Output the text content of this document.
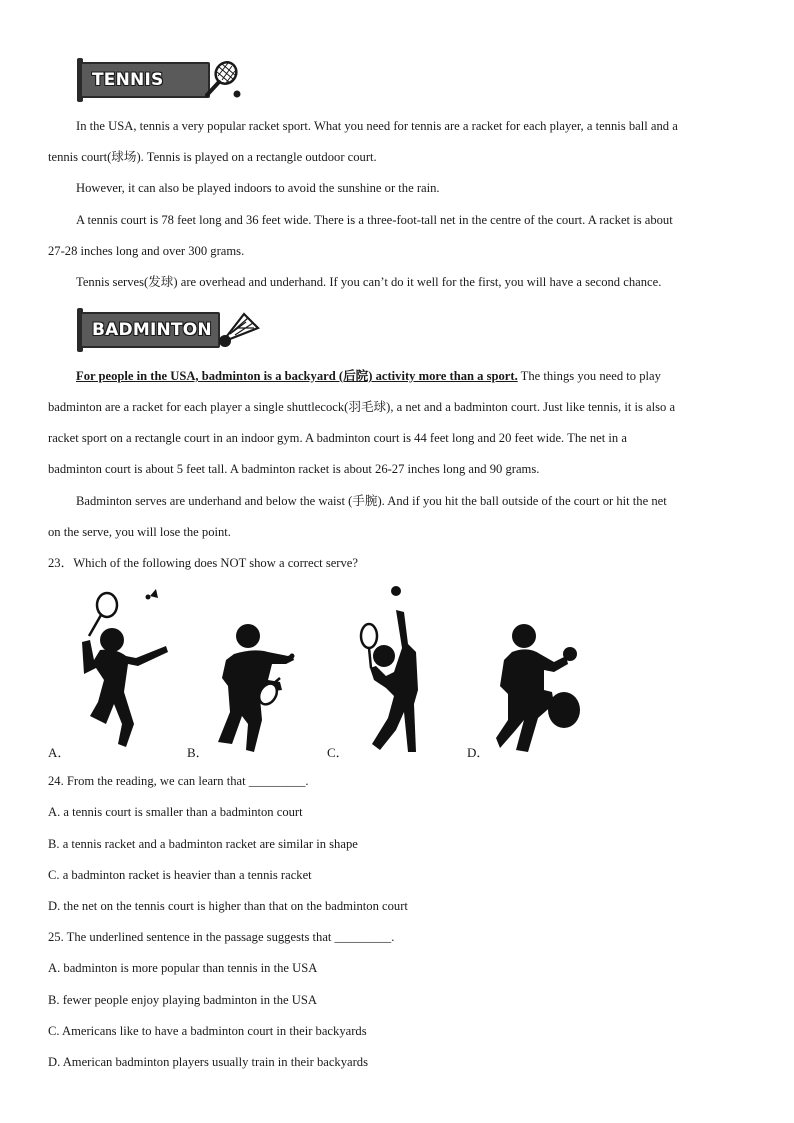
TENNIS
In the USA, tennis a very popular racket sport. What you need for tennis are a racket for each player, a tennis ball and a
tennis court(球场). Tennis is played on a rectangle outdoor court.
However, it can also be played indoors to avoid the sunshine or the rain.
A tennis court is 78 feet long and 36 feet wide. There is a three-foot-tall net in the centre of the court. A racket is about
27-28 inches long and over 300 grams.
Tennis serves(发球) are overhead and underhand. If you can’t do it well for the first, you will have a second chance.
BADMINTON
For people in the USA, badminton is a backyard (后院) activity more than a sport. The things you need to play
badminton are a racket for each player a single shuttlecock(羽毛球), a net and a badminton court. Just like tennis, it is also a
racket sport on a rectangle court in an indoor gym. A badminton court is 44 feet long and 20 feet wide. The net in a
badminton court is about 5 feet tall. A badminton racket is about 26-27 inches long and 90 grams.
Badminton serves are underhand and below the waist (手腕). And if you hit the ball outside of the court or hit the net
on the serve, you will lose the point.
23．Which of the following does NOT show a correct serve?
A．	B．	C．	D．
24. From the reading, we can learn that _________.
A. a tennis court is smaller than a badminton court
B. a tennis racket and a badminton racket are similar in shape
C. a badminton racket is heavier than a tennis racket
D. the net on the tennis court is higher than that on the badminton court
25. The underlined sentence in the passage suggests that _________.
A. badminton is more popular than tennis in the USA
B. fewer people enjoy playing badminton in the USA
C. Americans like to have a badminton court in their backyards
D. American badminton players usually train in their backyards
